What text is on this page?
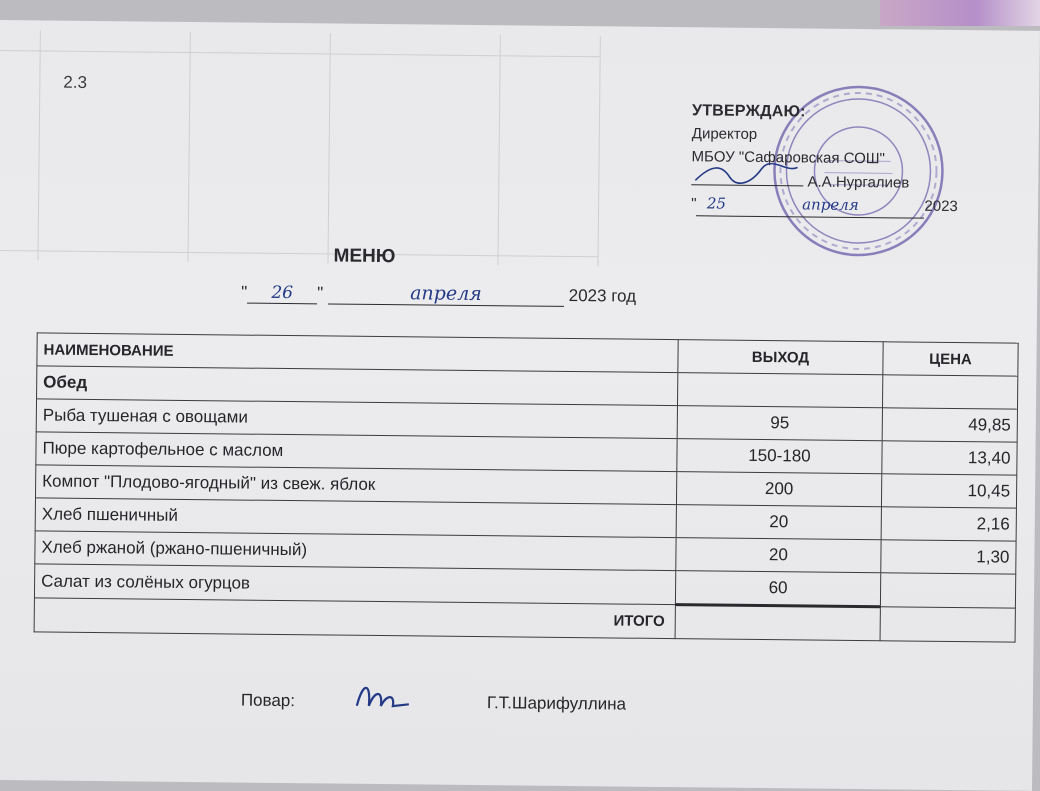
2.3
УТВЕРЖДАЮ:
Директор
МБОУ "Сафаровская СОШ"
А.А.Нургалиев
" 25	апреля	2023
МЕНЮ
" 26 "	апреля	2023 год
НАИМЕНОВАНИЕ	ВЫХОД	ЦЕНА
Обед		
Рыба тушеная с овощами	95	49,85
Пюре картофельное с маслом	150-180	13,40
Компот "Плодово-ягодный" из свеж. яблок	200	10,45
Хлеб пшеничный	20	2,16
Хлеб ржаной (ржано-пшеничный)	20	1,30
Салат из солёных огурцов	60	
ИТОГО		
Повар:	Г.Т.Шарифуллина
